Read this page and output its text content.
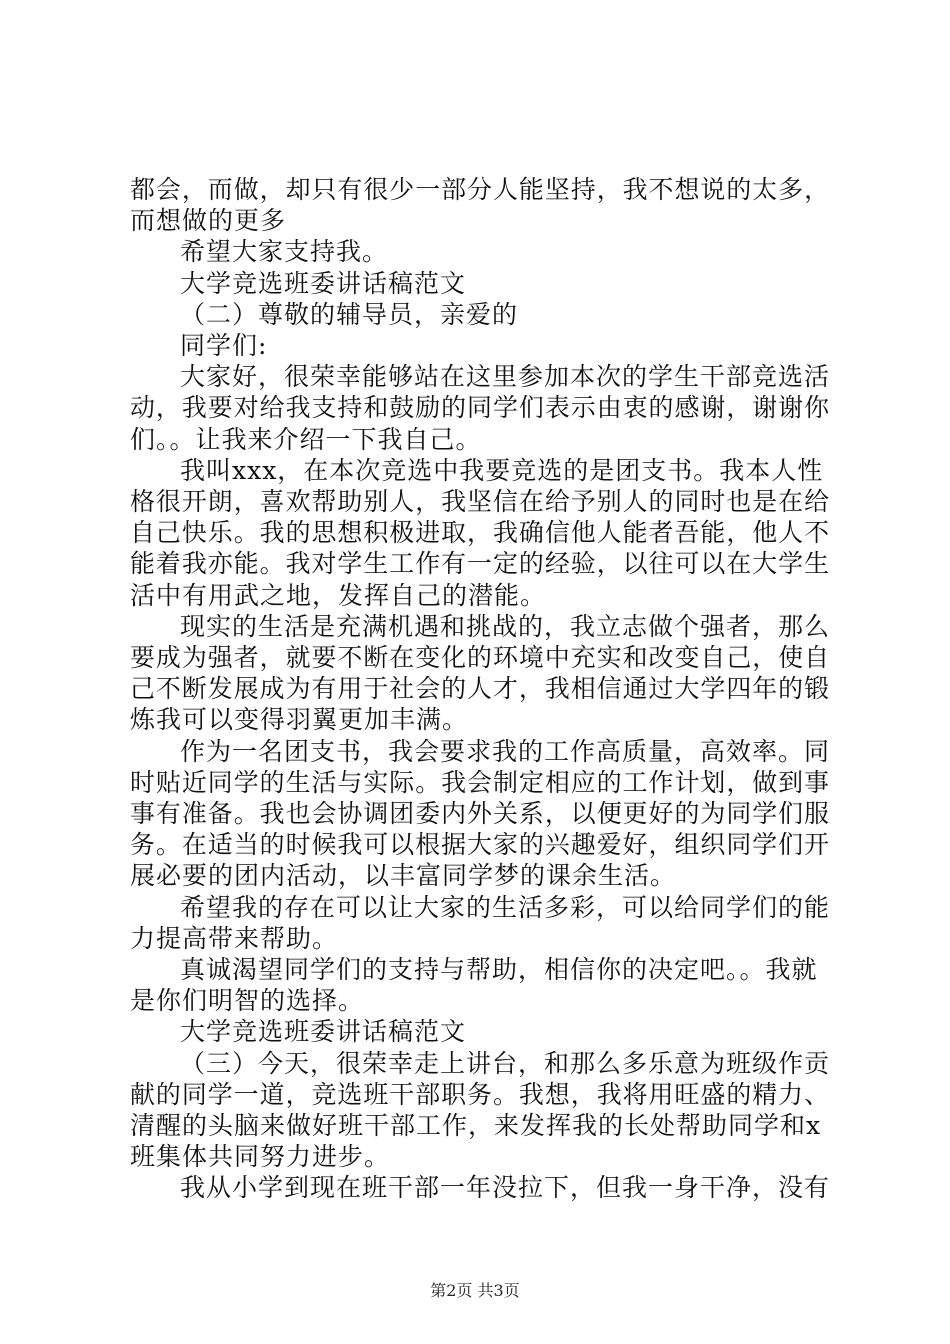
都会，而做，却只有很少一部分人能坚持，我不想说的太多，
而想做的更多
希望大家支持我。
大学竞选班委讲话稿范文
（二）尊敬的辅导员，亲爱的
同学们:
大家好，很荣幸能够站在这里参加本次的学生干部竞选活
动，我要对给我支持和鼓励的同学们表示由衷的感谢，谢谢你
们。。让我来介绍一下我自己。
我叫xxx，在本次竞选中我要竞选的是团支书。我本人性
格很开朗，喜欢帮助别人，我坚信在给予别人的同时也是在给
自己快乐。我的思想积极进取，我确信他人能者吾能，他人不
能着我亦能。我对学生工作有一定的经验，以往可以在大学生
活中有用武之地，发挥自己的潜能。
现实的生活是充满机遇和挑战的，我立志做个强者，那么
要成为强者，就要不断在变化的环境中充实和改变自己，使自
己不断发展成为有用于社会的人才，我相信通过大学四年的锻
炼我可以变得羽翼更加丰满。
作为一名团支书，我会要求我的工作高质量，高效率。同
时贴近同学的生活与实际。我会制定相应的工作计划，做到事
事有准备。我也会协调团委内外关系，以便更好的为同学们服
务。在适当的时候我可以根据大家的兴趣爱好，组织同学们开
展必要的团内活动，以丰富同学梦的课余生活。
希望我的存在可以让大家的生活多彩，可以给同学们的能
力提高带来帮助。
真诚渴望同学们的支持与帮助，相信你的决定吧。。我就
是你们明智的选择。
大学竞选班委讲话稿范文
（三）今天，很荣幸走上讲台，和那么多乐意为班级作贡
献的同学一道，竞选班干部职务。我想，我将用旺盛的精力、
清醒的头脑来做好班干部工作，来发挥我的长处帮助同学和x
班集体共同努力进步。
我从小学到现在班干部一年没拉下，但我一身干净，没有
第2页 共3页
